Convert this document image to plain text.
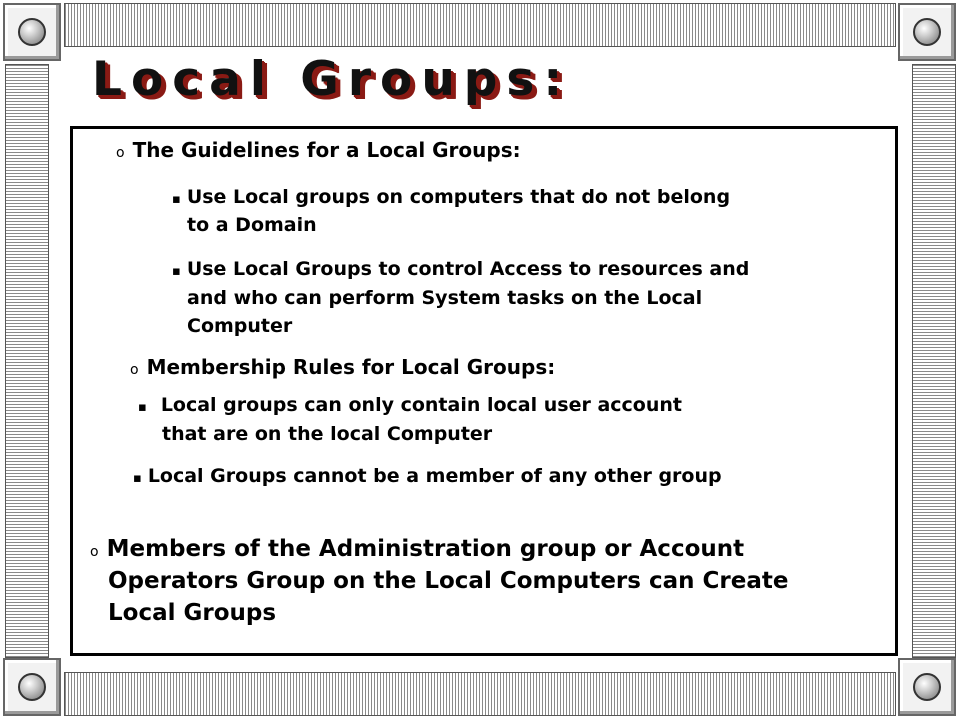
Local Groups:

o The Guidelines for a Local Groups:

▪ Use Local groups on computers that do not belong

to a Domain

▪ Use Local Groups to control Access to resources and

and who can perform System tasks on the Local

Computer

o Membership Rules for Local Groups:

▪ Local groups can only contain local user account

that are on the local Computer

▪ Local Groups cannot be a member of any other group

o Members of the Administration group or Account

Operators Group on the Local Computers can Create

Local Groups
